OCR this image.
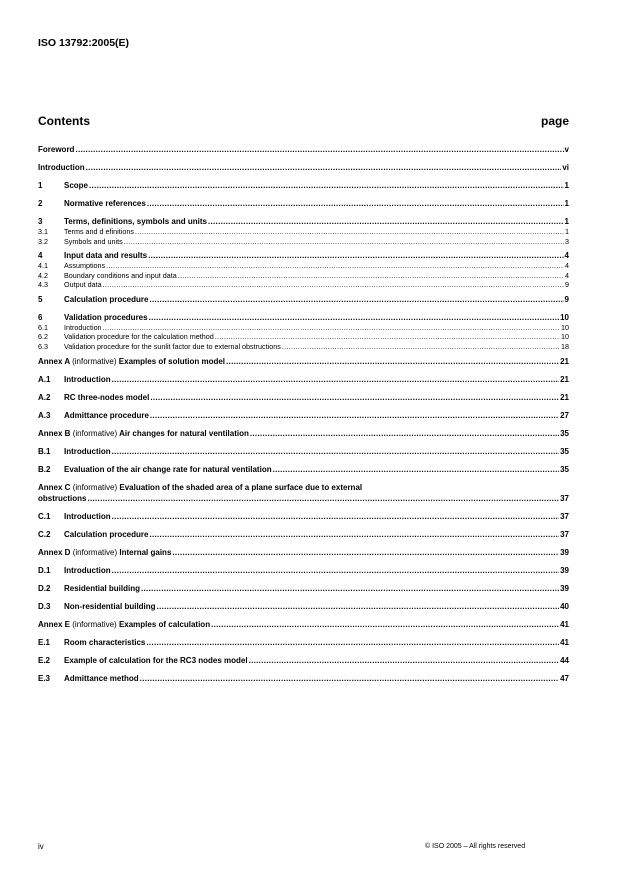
ISO 13792:2005(E)
Contents	page
Foreword .....	v
Introduction .....	vi
1	Scope .....	1
2	Normative references .....	1
3	Terms, definitions, symbols and units .....	1
3.1	Terms and d efinitions .....	1
3.2	Symbols and units .....	3
4	Input data and results .....	4
4.1	Assumptions .....	4
4.2	Boundary conditions and input data .....	4
4.3	Output data .....	9
5	Calculation procedure .....	9
6	Validation procedures .....	10
6.1	Introduction .....	10
6.2	Validation procedure for the calculation method .....	10
6.3	Validation procedure for the sunlit factor due to external obstructions .....	18
Annex A (informative) Examples of solution model .....	21
A.1	Introduction .....	21
A.2	RC three-nodes model .....	21
A.3	Admittance procedure .....	27
Annex B (informative) Air changes for natural ventilation .....	35
B.1	Introduction .....	35
B.2	Evaluation of the air change rate for natural ventilation .....	35
Annex C (informative) Evaluation of the shaded area of a plane surface due to external
obstructions .....	37
C.1	Introduction .....	37
C.2	Calculation procedure .....	37
Annex D (informative) Internal gains .....	39
D.1	Introduction .....	39
D.2	Residential building .....	39
D.3	Non-residential building .....	40
Annex E (informative) Examples of calculation .....	41
E.1	Room characteristics .....	41
E.2	Example of calculation for the RC3 nodes model .....	44
E.3	Admittance method .....	47
iv	© ISO 2005 – All rights reserved
